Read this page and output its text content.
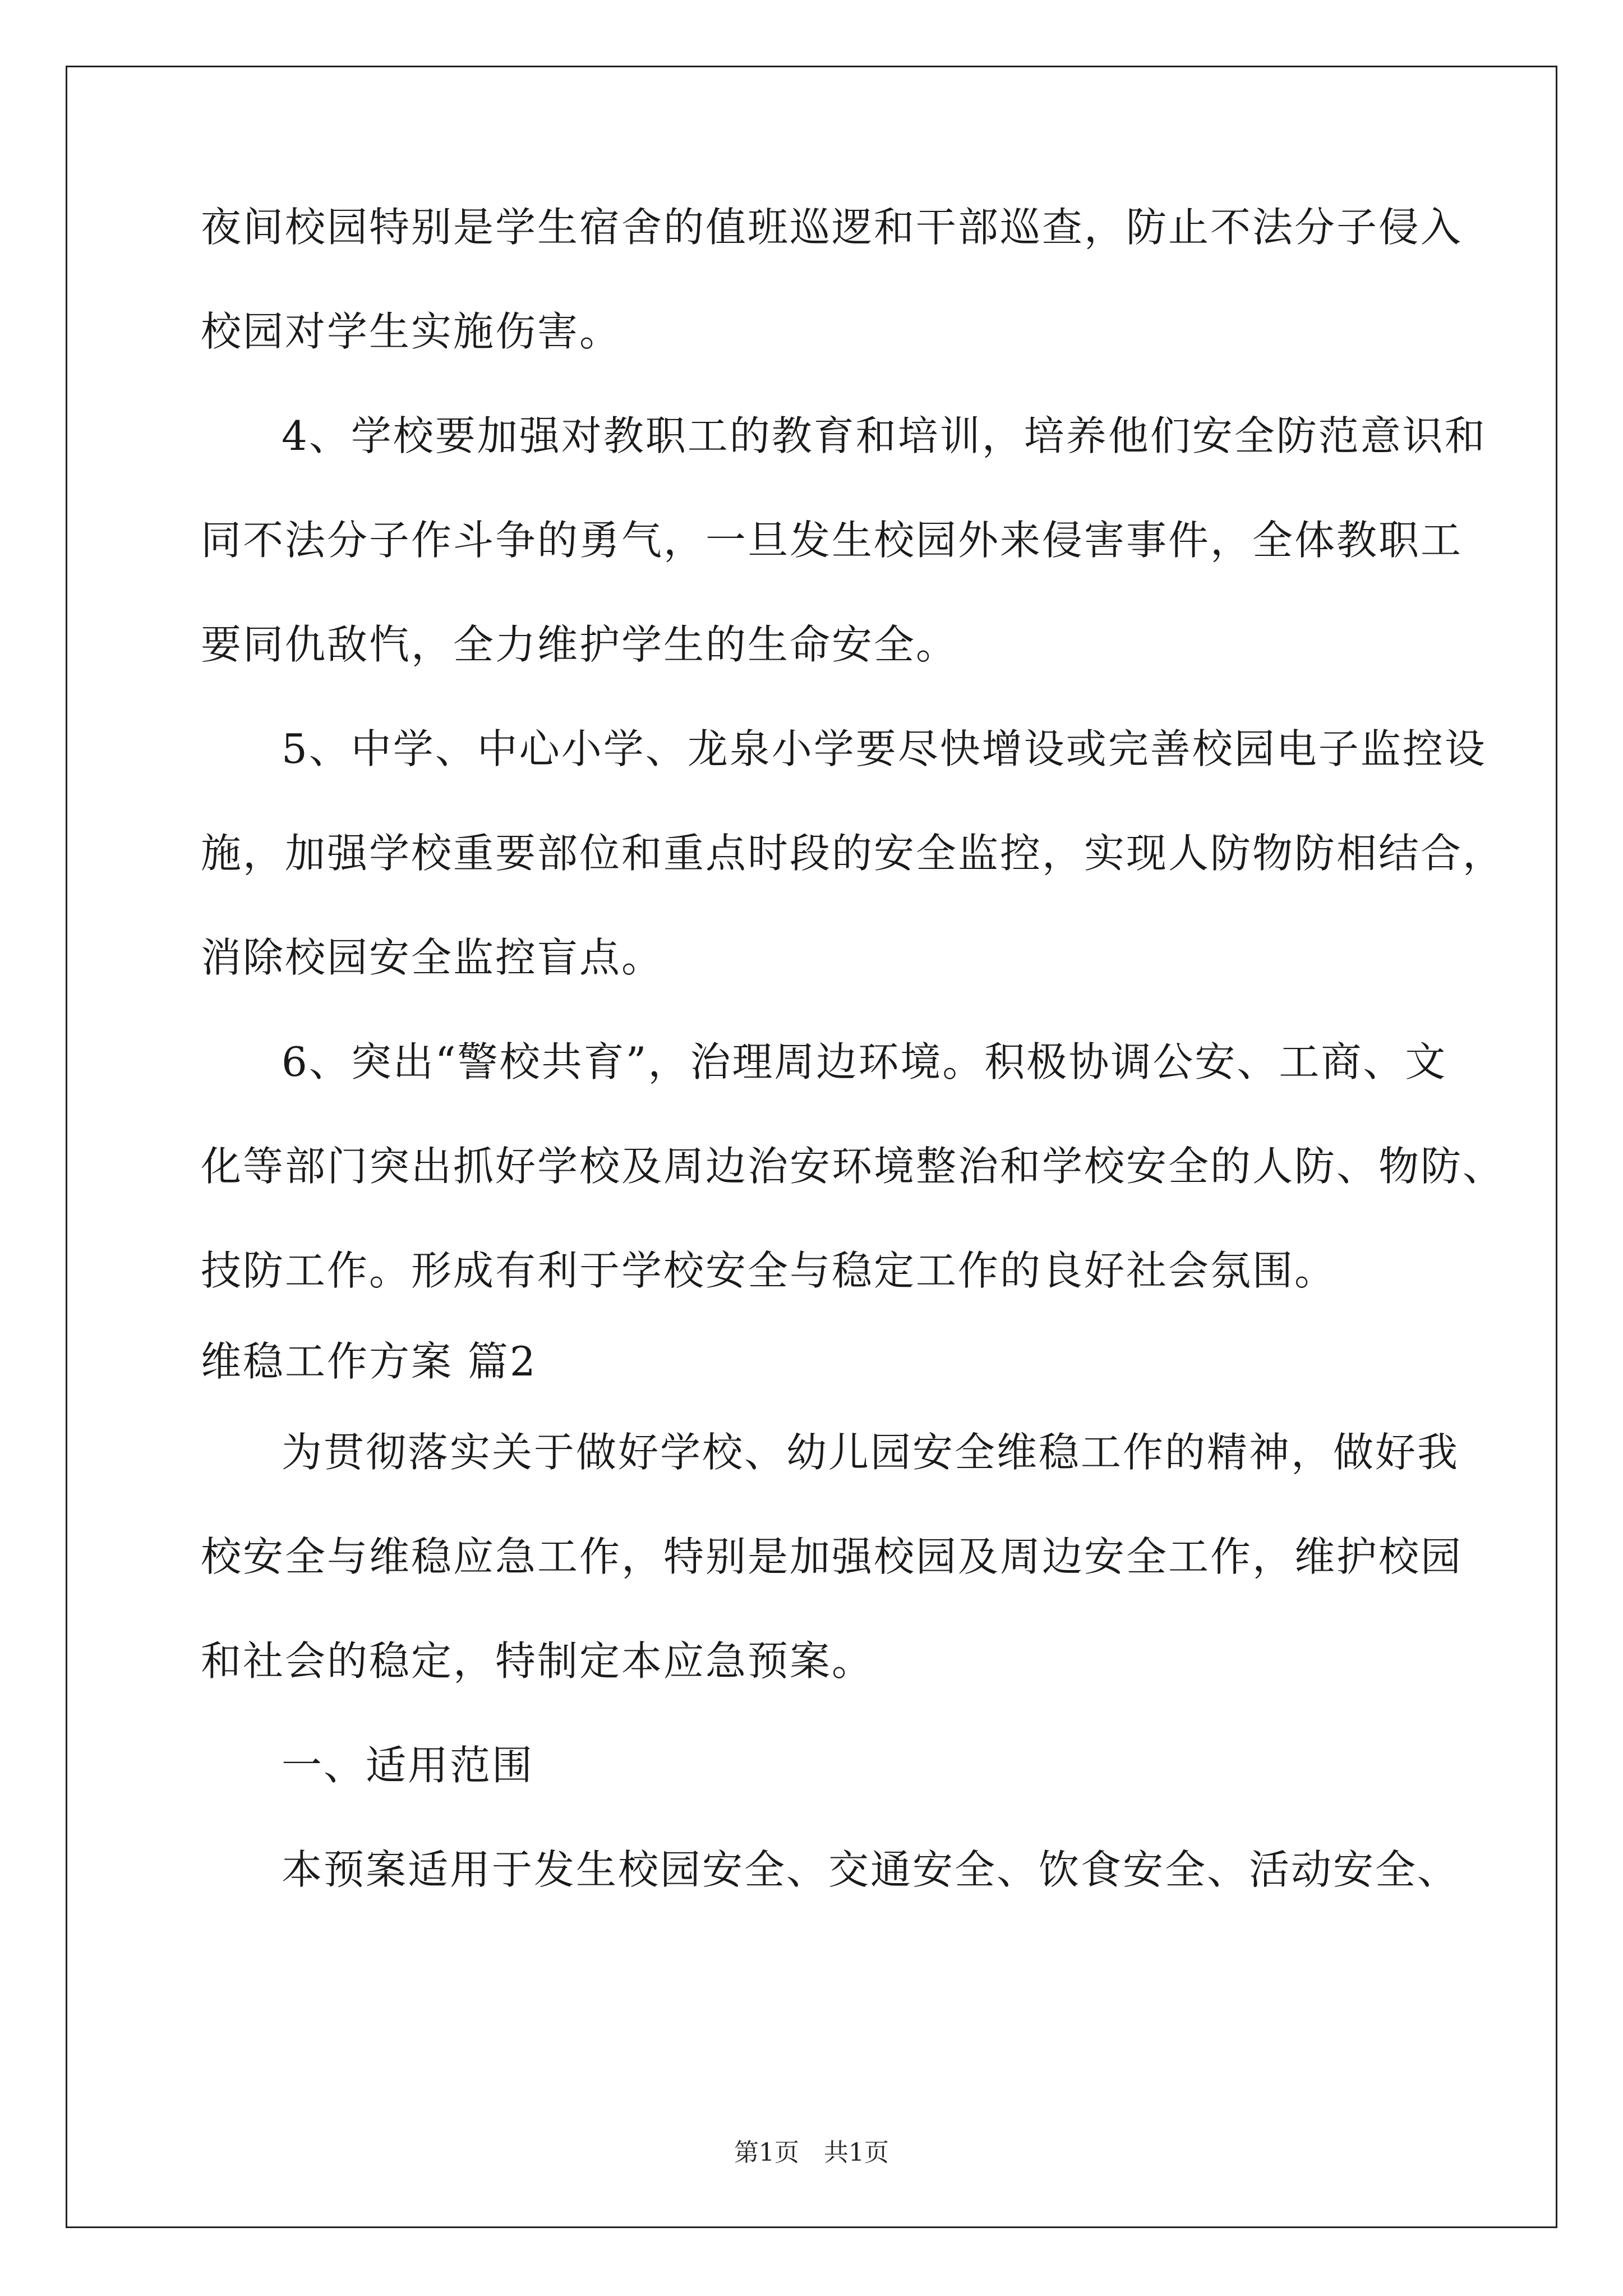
夜间校园特别是学生宿舍的值班巡逻和干部巡查，防止不法分子侵入
校园对学生实施伤害。
4、学校要加强对教职工的教育和培训，培养他们安全防范意识和
同不法分子作斗争的勇气，一旦发生校园外来侵害事件，全体教职工
要同仇敌忾，全力维护学生的生命安全。
5、中学、中心小学、龙泉小学要尽快增设或完善校园电子监控设
施，加强学校重要部位和重点时段的安全监控，实现人防物防相结合，
消除校园安全监控盲点。
6、突出“警校共育”，治理周边环境。积极协调公安、工商、文
化等部门突出抓好学校及周边治安环境整治和学校安全的人防、物防、
技防工作。形成有利于学校安全与稳定工作的良好社会氛围。
维稳工作方案 篇2
为贯彻落实关于做好学校、幼儿园安全维稳工作的精神，做好我
校安全与维稳应急工作，特别是加强校园及周边安全工作，维护校园
和社会的稳定，特制定本应急预案。
一、适用范围
本预案适用于发生校园安全、交通安全、饮食安全、活动安全、
第1页　共1页
